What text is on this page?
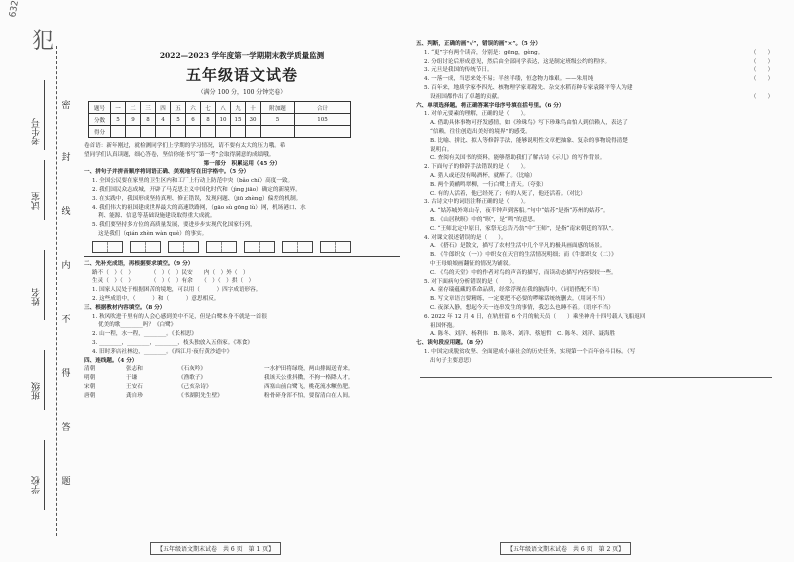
632
犯
密
封
线
内
不
得
答
题
考生号
试室
姓名
班级
学校
2022—2023 学年度第一学期期末教学质量监测
五年级语文试卷
（满分 100 分，100 分钟完卷）
题号	一	二	三	四	五	六	七	八	九	十	附加题	合计
分数	5	9	8	4	5	6	8	10	15	30	5	105
得分												
卷首语：新年刚过，就检测同学们上学期的学习情况，请不要有太大的压力哦。希
望同学们认真读题，细心答卷，坚信你能书写“第一考”会取得满意的成绩哦。
第一部分　积累运用（45 分）
一、拼句子并拼音顺序将词语正确、美观地写在田字格中。（5 分）
1. 全国公民要在家里的卫生区内和工厂上行动上防范中央（bǎo chí）高度一致。
2. 我们国民众志成城，开辟了马克思主义中国化时代和（jìng jiāo）确定的新境界。
3. 在实践中，我国形成坚持真理、修正错误，发现问题、（jiū zhèng）偏差的机制。
4. 我们伟大的祖国建成世界最大的高速铁路网，（gāo sù gōng lù）网，机场港口、水
利、能源、信息等基础设施建设取得重大成就。
5. 我们要坚持多方位的高质量发展，要进步步实现代化国家行列，
这是我们（qián zhèn wàn què）的事实。
二、先补充成语，再根据要求填空。（9 分）
路不（　）（　）　　　　（　）（　）民安　　内（　）外（　）
生灵（　）（　）　　　　（　）（　）有余　　（　）（　）拱（　）
1. 国家人民处于根据困苦的境地，可以用（　　　）四字成语形容。
2. 这些成语中，（　　　）和（　　　）意思相反。
三、根据教材内容填空。（8 分）
1. 秋风吹进千里有的人会心感到美中不足，但是白鹭本身不就是一首很
优美的歌________吗？《白鹭》
2. 山一程，水一程，________。《长相思》
3. ________，________，________，枝头独放入五俗家。《寒食》
4. 旧时茅店社林边，________。《西江月·夜行黄沙道中》
四、连线题。（4 分）
清朝	张志和	《石灰吟》	一水护田将绿绕，两山排闼送青来。
明朝	于谦	《渔歌子》	我该天公重抖擞，不拘一格降人才。
宋朝	王安石	《己亥杂诗》	西塞山前白鹭飞，桃花流水鳜鱼肥。
唐朝	龚自珍	《书湖阴先生壁》	粉骨碎身浑不怕，要留清白在人间。
【五年级语文期末试卷　共 6 页　第 1 页】
五、判断，正确的画“√”，错误的画“×”。（5 分）
1. “更”字有两个读音，分别是：gēng，gèng。	（　　）
2. 分组讨论后形成意见，然后由全部同学表达，这是制定班级公约的程序。	（　　）
3. 元旦是我国的传统节日。	（　　）
4. 一落一成，当思来处不易；半丝半缕，恒念物力维艰。——朱用纯	（　　）
5. 百年来，地质学家李四光、核物理学家邓稼先、杂交水稻育种专家袁隆平等人为建
设祖国都作出了卓越的贡献。	（　　）
六、单项选择题。将正确答案字母序号填在括号里。（6 分）
1. 对单元要素的理解，正确的是（　　）。
A. 借助具体事物可抒发感情，如《珍珠鸟》写下珍珠鸟由怕人到信赖人，表达了
“信赖，往往创造出美好的境界”的感受。
B. 比喻、拼比、拟人等修辞手法，能够说明性文章把抽象、复杂的事物说得清楚
说明白。
C. 查阅有关国书的资料，能够帮助我们了解古诗《示儿》的写作背景。
2. 下面句子的修辞手法错误的是（　　）。
A. 猎人或还没有喝酒杯，就醉了。（比喻）
B. 两个黄鹂鸣翠柳，一行白鹭上青天。（夸张）
C. 有的人活着，他已经死了；有的人死了，他还活着。（对比）
3. 古诗文中的词语注释正确的是（　　）。
A. “姑苏城外寒山寺，夜半钟声到客船。”句中“姑苏”是指“苏州的姑苏”。
B. 《山居秋暝》中的“暝”，是“鸣”的意思。
C. “王师北定中原日，家祭无忘告乃翁”中“王师”，是指“南宋朝廷的军队”。
4. 对课文叙述错误的是（　　）。
A. 《搭石》是散文，描写了农村生活中几个平凡的极具画面感的场景。
B. 《牛郎织女（一）》中织女在天宫的生活情况明细；而《牛郎织女（二）》
中王母娘娘画翻征的情况为铺叙。
C. 《鸟的天堂》中的作者对鸟的声音的描写，而读动态描写内容要较一些。
5. 对下面病句分析错误的是（　　）。
A. 童存瑞蕴藏的革命品质，经常浮现在我的脑海中。（词语搭配不当）
B. 写文章语言要精练，一定要把不必要的啰嗦话统统删去。（用词不当）
C. 夜深入静，想起今天一连串发生的事情，我怎么也睡不着。（语序不当）
6. 2022 年 12 月 4 日，在轨驻留 6 个月的航天员（　　）乘坐神舟十四号载人飞船返回
祖国怀抱。
A. 陈冬、刘洋、杨利伟　B. 陈冬、刘洋、蔡旭哲　C. 陈冬、刘洋、聂海胜
七、读句段应用题。（8 分）
1. 中国完成脱贫攻坚、全面建成小康社会的历史任务，实现第一个百年奋斗目标。（写
出句子主要意思）
【五年级语文期末试卷　共 6 页　第 2 页】
